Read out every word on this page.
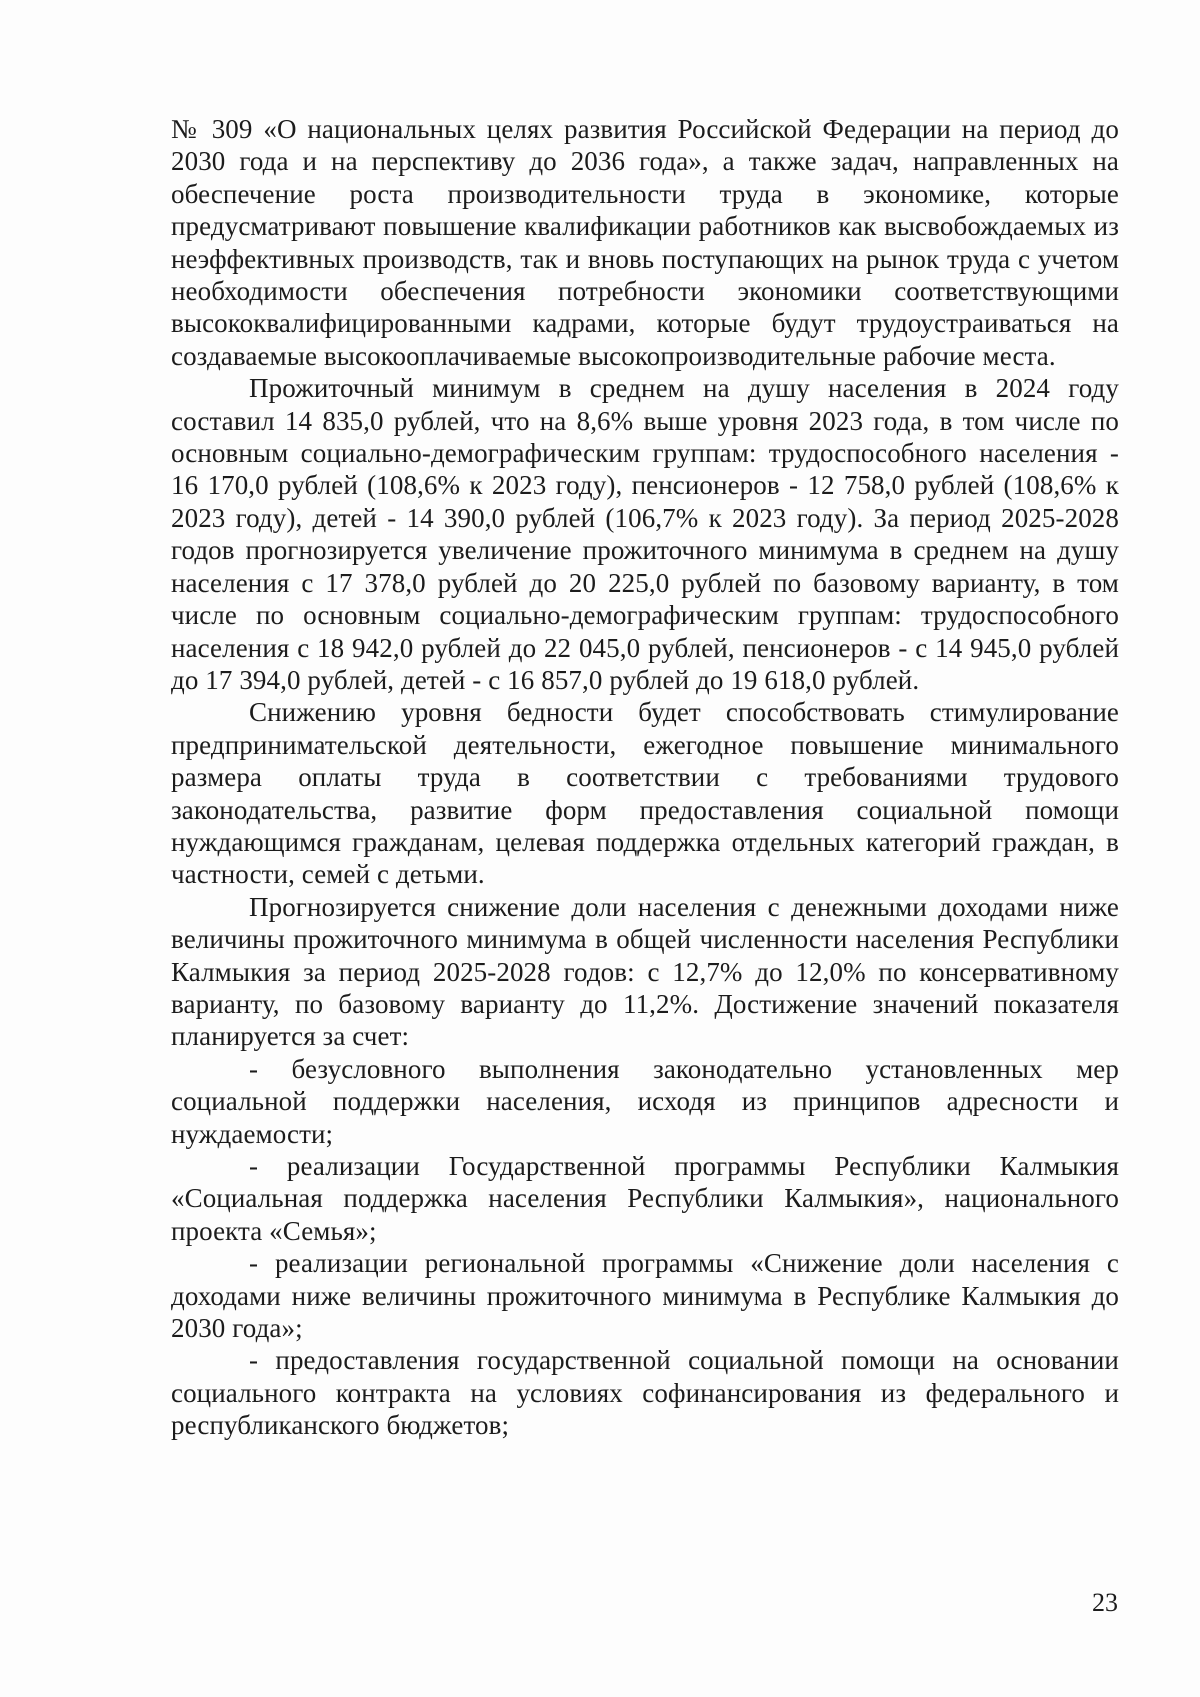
№ 309 «О национальных целях развития Российской Федерации на период до 2030 года и на перспективу до 2036 года», а также задач, направленных на обеспечение роста производительности труда в экономике, которые предусматривают повышение квалификации работников как высвобождаемых из неэффективных производств, так и вновь поступающих на рынок труда с учетом необходимости обеспечения потребности экономики соответствующими высококвалифицированными кадрами, которые будут трудоустраиваться на создаваемые высокооплачиваемые высокопроизводительные рабочие места.

Прожиточный минимум в среднем на душу населения в 2024 году составил 14 835,0 рублей, что на 8,6% выше уровня 2023 года, в том числе по основным социально-демографическим группам: трудоспособного населения - 16 170,0 рублей (108,6% к 2023 году), пенсионеров - 12 758,0 рублей (108,6% к 2023 году), детей - 14 390,0 рублей (106,7% к 2023 году). За период 2025-2028 годов прогнозируется увеличение прожиточного минимума в среднем на душу населения с 17 378,0 рублей до 20 225,0 рублей по базовому варианту, в том числе по основным социально-демографическим группам: трудоспособного населения с 18 942,0 рублей до 22 045,0 рублей, пенсионеров - с 14 945,0 рублей до 17 394,0 рублей, детей - с 16 857,0 рублей до 19 618,0 рублей.

Снижению уровня бедности будет способствовать стимулирование предпринимательской деятельности, ежегодное повышение минимального размера оплаты труда в соответствии с требованиями трудового законодательства, развитие форм предоставления социальной помощи нуждающимся гражданам, целевая поддержка отдельных категорий граждан, в частности, семей с детьми.

Прогнозируется снижение доли населения с денежными доходами ниже величины прожиточного минимума в общей численности населения Республики Калмыкия за период 2025-2028 годов: с 12,7% до 12,0% по консервативному варианту, по базовому варианту до 11,2%. Достижение значений показателя планируется за счет:

- безусловного выполнения законодательно установленных мер социальной поддержки населения, исходя из принципов адресности и нуждаемости;

- реализации Государственной программы Республики Калмыкия «Социальная поддержка населения Республики Калмыкия», национального проекта «Семья»;

- реализации региональной программы «Снижение доли населения с доходами ниже величины прожиточного минимума в Республике Калмыкия до 2030 года»;

- предоставления государственной социальной помощи на основании социального контракта на условиях софинансирования из федерального и республиканского бюджетов;

23
